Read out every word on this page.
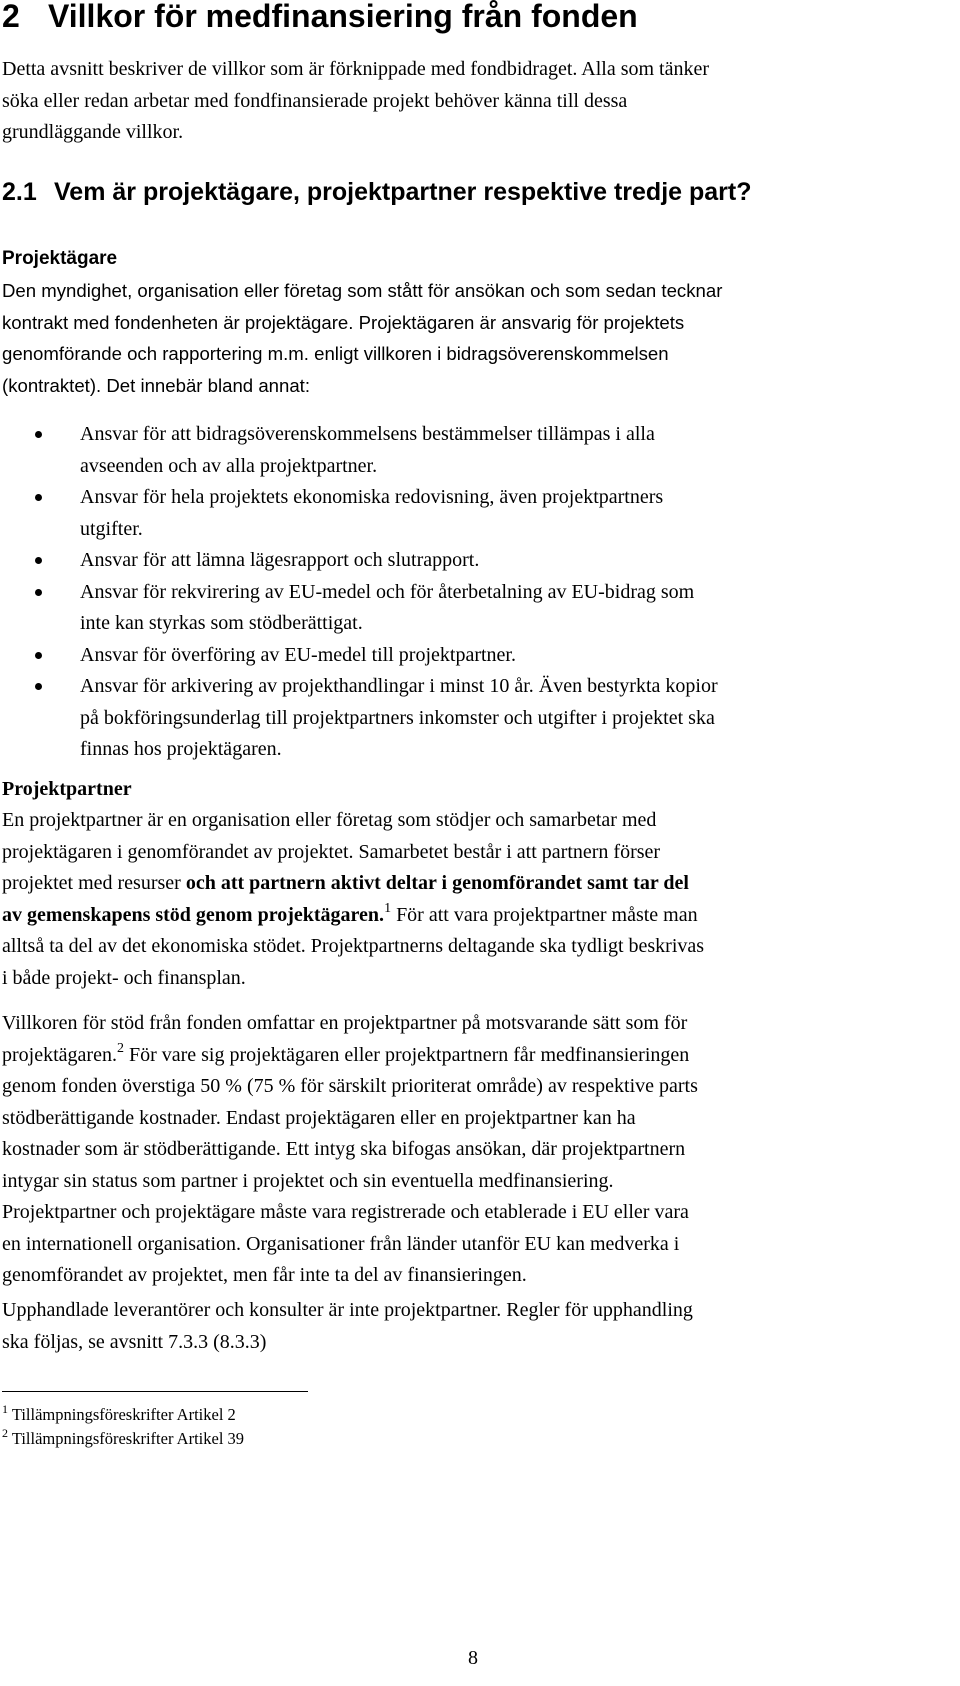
2 Villkor för medfinansiering från fonden
Detta avsnitt beskriver de villkor som är förknippade med fondbidraget. Alla som tänker
söka eller redan arbetar med fondfinansierade projekt behöver känna till dessa
grundläggande villkor.
2.1 Vem är projektägare, projektpartner respektive tredje part?
Projektägare
Den myndighet, organisation eller företag som stått för ansökan och som sedan tecknar
kontrakt med fondenheten är projektägare. Projektägaren är ansvarig för projektets
genomförande och rapportering m.m. enligt villkoren i bidragsöverenskommelsen
(kontraktet). Det innebär bland annat:
Ansvar för att bidragsöverenskommelsens bestämmelser tillämpas i alla
avseenden och av alla projektpartner.
Ansvar för hela projektets ekonomiska redovisning, även projektpartners
utgifter.
Ansvar för att lämna lägesrapport och slutrapport.
Ansvar för rekvirering av EU-medel och för återbetalning av EU-bidrag som
inte kan styrkas som stödberättigat.
Ansvar för överföring av EU-medel till projektpartner.
Ansvar för arkivering av projekthandlingar i minst 10 år. Även bestyrkta kopior
på bokföringsunderlag till projektpartners inkomster och utgifter i projektet ska
finnas hos projektägaren.
Projektpartner
En projektpartner är en organisation eller företag som stödjer och samarbetar med
projektägaren i genomförandet av projektet. Samarbetet består i att partnern förser
projektet med resurser och att partnern aktivt deltar i genomförandet samt tar del
av gemenskapens stöd genom projektägaren.$^1$ För att vara projektpartner måste man
alltså ta del av det ekonomiska stödet. Projektpartnerns deltagande ska tydligt beskrivas
i både projekt- och finansplan.
Villkoren för stöd från fonden omfattar en projektpartner på motsvarande sätt som för
projektägaren.$^2$ För vare sig projektägaren eller projektpartnern får medfinansieringen
genom fonden överstiga 50 % (75 % för särskilt prioriterat område) av respektive parts
stödberättigande kostnader. Endast projektägaren eller en projektpartner kan ha
kostnader som är stödberättigande. Ett intyg ska bifogas ansökan, där projektpartnern
intygar sin status som partner i projektet och sin eventuella medfinansiering.
Projektpartner och projektägare måste vara registrerade och etablerade i EU eller vara
en internationell organisation. Organisationer från länder utanför EU kan medverka i
genomförandet av projektet, men får inte ta del av finansieringen.
Upphandlade leverantörer och konsulter är inte projektpartner. Regler för upphandling
ska följas, se avsnitt 7.3.3 (8.3.3)
$^1$ Tillämpningsföreskrifter Artikel 2
$^2$ Tillämpningsföreskrifter Artikel 39
8
